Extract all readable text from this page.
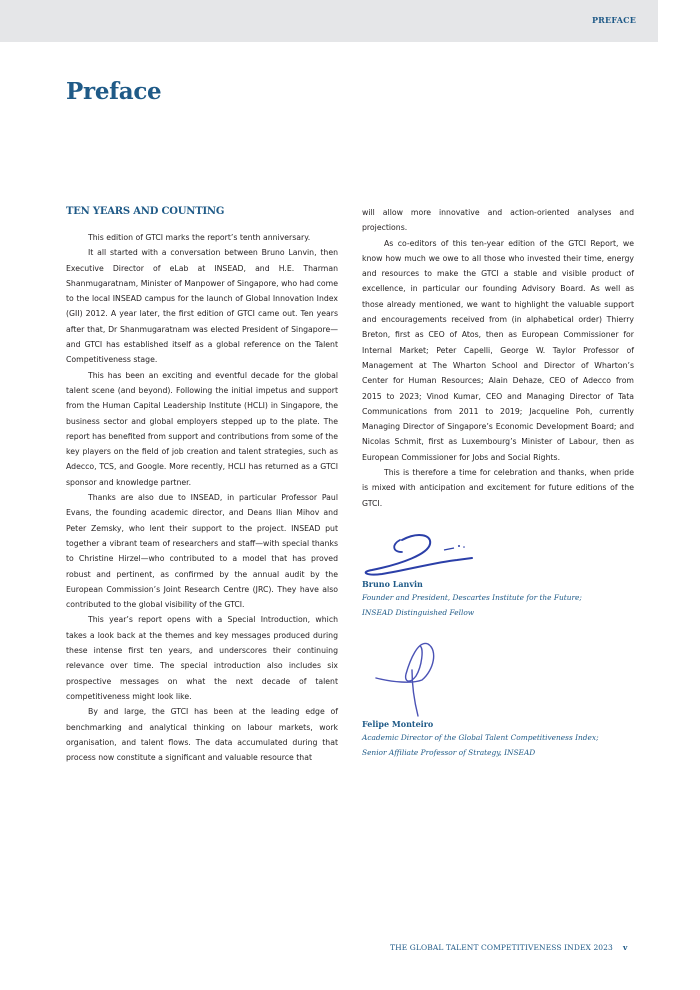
PREFACE
Preface
TEN YEARS AND COUNTING

This edition of GTCI marks the report’s tenth anniversary.

It all started with a conversation between Bruno Lanvin, then Executive Director of eLab at INSEAD, and H.E. Tharman Shanmugaratnam, Minister of Manpower of Singapore, who had come to the local INSEAD campus for the launch of Global Innovation Index (GII) 2012. A year later, the first edition of GTCI came out. Ten years after that, Dr Shanmugaratnam was elected President of Singapore—and GTCI has established itself as a global reference on the Talent Competitiveness stage.

This has been an exciting and eventful decade for the global talent scene (and beyond). Following the initial impetus and support from the Human Capital Leadership Institute (HCLI) in Singapore, the business sector and global employers stepped up to the plate. The report has benefited from support and contributions from some of the key players on the field of job creation and talent strategies, such as Adecco, TCS, and Google. More recently, HCLI has returned as a GTCI sponsor and knowledge partner.

Thanks are also due to INSEAD, in particular Professor Paul Evans, the founding academic director, and Deans Ilian Mihov and Peter Zemsky, who lent their support to the project. INSEAD put together a vibrant team of researchers and staff—with special thanks to Christine Hirzel—who contributed to a model that has proved robust and pertinent, as confirmed by the annual audit by the European Commission’s Joint Research Centre (JRC). They have also contributed to the global visibility of the GTCI.

This year’s report opens with a Special Introduction, which takes a look back at the themes and key messages produced during these intense first ten years, and underscores their continuing relevance over time. The special introduction also includes six prospective messages on what the next decade of talent competitiveness might look like.

By and large, the GTCI has been at the leading edge of benchmarking and analytical thinking on labour markets, work organisation, and talent flows. The data accumulated during that process now constitute a significant and valuable resource that

will allow more innovative and action-oriented analyses and projections.

As co-editors of this ten-year edition of the GTCI Report, we know how much we owe to all those who invested their time, energy and resources to make the GTCI a stable and visible product of excellence, in particular our founding Advisory Board. As well as those already mentioned, we want to highlight the valuable support and encouragements received from (in alphabetical order) Thierry Breton, first as CEO of Atos, then as European Commissioner for Internal Market; Peter Capelli, George W. Taylor Professor of Management at The Wharton School and Director of Wharton’s Center for Human Resources; Alain Dehaze, CEO of Adecco from 2015 to 2023; Vinod Kumar, CEO and Managing Director of Tata Communications from 2011 to 2019; Jacqueline Poh, currently Managing Director of Singapore’s Economic Development Board; and Nicolas Schmit, first as Luxembourg’s Minister of Labour, then as European Commissioner for Jobs and Social Rights.

This is therefore a time for celebration and thanks, when pride is mixed with anticipation and excitement for future editions of the GTCI.

Bruno Lanvin
Founder and President, Descartes Institute for the Future;
INSEAD Distinguished Fellow
Felipe Monteiro
Academic Director of the Global Talent Competitiveness Index;
Senior Affiliate Professor of Strategy, INSEAD
THE GLOBAL TALENT COMPETITIVENESS INDEX 2023 v
